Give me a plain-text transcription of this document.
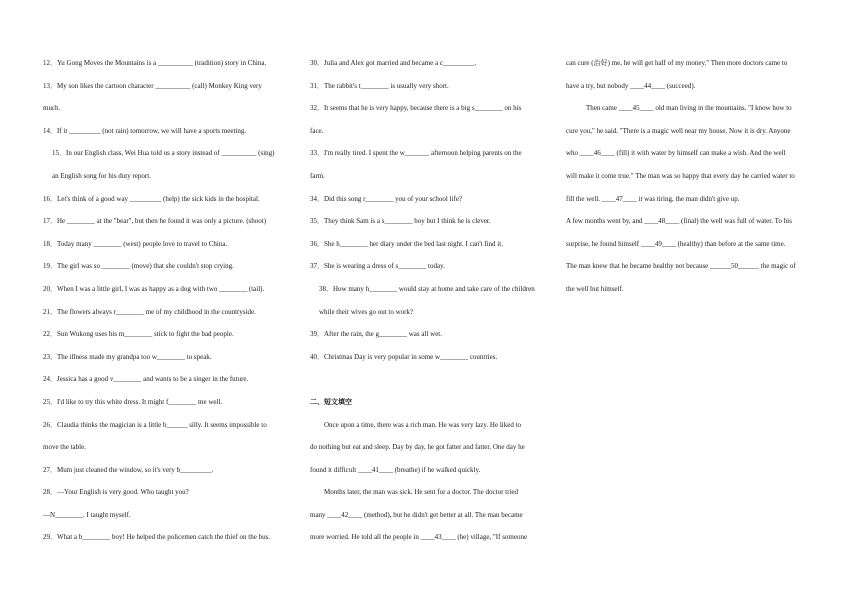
12．Yu Gong Moves the Mountains is a __________ (tradition) story in China.
13．My son likes the cartoon character __________ (call) Monkey King very
much.
14．If it _________ (not rain) tomorrow, we will have a sports meeting.
15．In our English class, Wei Hua told us a story instead of __________ (sing)
an English song for his duty report.
16．Let's think of a good way _________ (help) the sick kids in the hospital.
17．He ________ at the "bear", but then he found it was only a picture. (shoot)
18．Today many ________ (west) people love to travel to China.
19．The girl was so ________ (move) that she couldn't stop crying.
20．When I was a little girl, I was as happy as a dog with two ________ (tail).
21．The flowers always r________ me of my childhood in the countryside.
22．Sun Wukong uses his m________ stick to fight the bad people.
23．The illness made my grandpa too w________ to speak.
24．Jessica has a good v________ and wants to be a singer in the future.
25．I'd like to try this white dress. It might f________ me well.
26．Claudia thinks the magician is a little b______ silly. It seems impossible to
move the table.
27．Mum just cleaned the window, so it's very b_________.
28．—Your English is very good. Who taught you?
—N________. I taught myself.
29．What a b________ boy! He helped the policemen catch the thief on the bus.
30．Julia and Alex got married and became a c_________.
31．The rabbit's t________ is usually very short.
32．It seems that he is very happy, because there is a big s________ on his
face.
33．I'm really tired. I spent the w_______ afternoon helping parents on the
farm.
34．Did this song r________ you of your school life?
35．They think Sam is a s________ boy but I think he is clever.
36．She h________ her diary under the bed last night. I can't find it.
37．She is wearing a dress of s________ today.
38．How many h________ would stay at home and take care of the children
while their wives go out to work?
39．After the rain, the g________ was all wet.
40．Christmas Day is very popular in some w________ countries.
二、短文填空
Once upon a time, there was a rich man. He was very lazy. He liked to
do nothing but eat and sleep. Day by day, he got fatter and fatter. One day he
found it difficult ____41____ (breathe) if he walked quickly.
Months later, the man was sick. He sent for a doctor. The doctor tried
many ____42____ (method), but he didn't get better at all. The man became
more worried. He told all the people in ____43____ (he) village, "If someone
can cure (治好) me, he will get half of my money." Then more doctors came to
have a try, but nobody ____44____ (succeed).
Then came ____45____ old man living in the mountains. "I know how to
cure you," he said. "There is a magic well near my house. Now it is dry. Anyone
who ____46____ (fill) it with water by himself can make a wish. And the well
will make it come true." The man was so happy that every day he carried water to
fill the well. ____47____ it was tiring, the man didn't give up.
A few months went by, and ____48____ (final) the well was full of water. To his
surprise, he found himself ____49____ (healthy) than before at the same time.
The man knew that he became healthy not because ______50______ the magic of
the well but himself.
